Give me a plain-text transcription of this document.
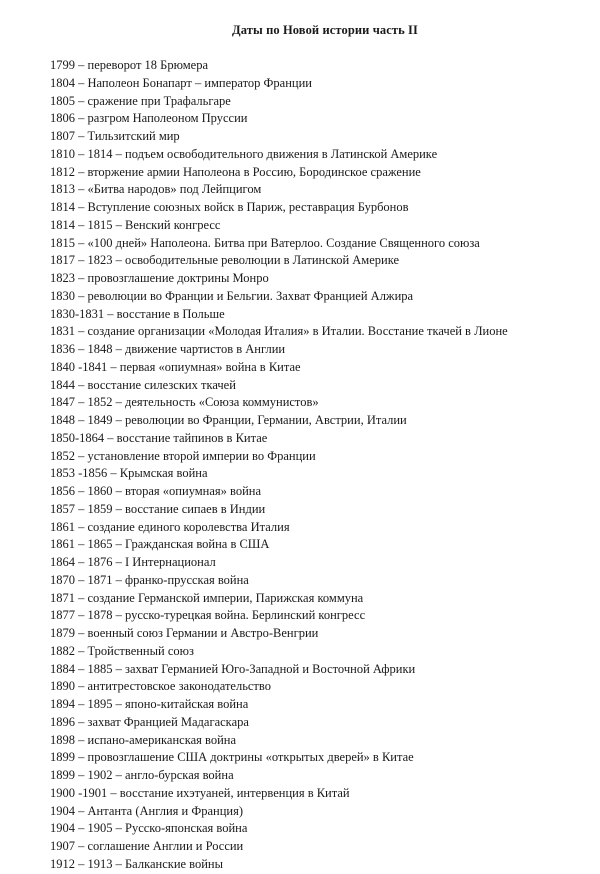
Даты по Новой истории часть II
1799 – переворот 18 Брюмера
1804 – Наполеон Бонапарт – император Франции
1805 – сражение при Трафальгаре
1806 – разгром Наполеоном Пруссии
1807 – Тильзитский мир
1810 – 1814 – подъем освободительного движения в Латинской Америке
1812 – вторжение армии Наполеона в Россию, Бородинское сражение
1813 – «Битва народов» под Лейпцигом
1814 – Вступление союзных войск в Париж, реставрация Бурбонов
1814 – 1815 – Венский конгресс
1815 – «100 дней» Наполеона. Битва при Ватерлоо. Создание Священного союза
1817 – 1823 – освободительные революции в Латинской Америке
1823 – провозглашение доктрины Монро
1830 – революции во Франции и Бельгии. Захват Францией Алжира
1830-1831 – восстание в Польше
1831 – создание организации «Молодая Италия» в Италии. Восстание ткачей в Лионе
1836 – 1848 – движение чартистов в Англии
1840 -1841 – первая «опиумная» война в Китае
1844 – восстание силезских ткачей
1847 – 1852 – деятельность «Союза коммунистов»
1848 – 1849 – революции во Франции, Германии, Австрии, Италии
1850-1864 – восстание тайпинов в Китае
1852 – установление второй империи во Франции
1853 -1856 – Крымская война
1856 – 1860 – вторая «опиумная» война
1857 – 1859 – восстание сипаев в Индии
1861 – создание единого королевства Италия
1861 – 1865 – Гражданская война в США
1864 – 1876 – I Интернационал
1870 – 1871 – франко-прусская война
1871 – создание Германской империи, Парижская коммуна
1877 – 1878 – русско-турецкая война. Берлинский конгресс
1879 – военный союз Германии и Австро-Венгрии
1882 – Тройственный союз
1884 – 1885 – захват Германией Юго-Западной и Восточной Африки
1890 – антитрестовское законодательство
1894 – 1895 – японо-китайская война
1896 – захват Францией Мадагаскара
1898 – испано-американская война
1899 – провозглашение США доктрины «открытых дверей» в Китае
1899 – 1902 – англо-бурская война
1900 -1901 – восстание ихэтуаней, интервенция в Китай
1904 – Антанта (Англия и Франция)
1904 – 1905 – Русско-японская война
1907 – соглашение Англии и России
1912 – 1913 – Балканские войны
